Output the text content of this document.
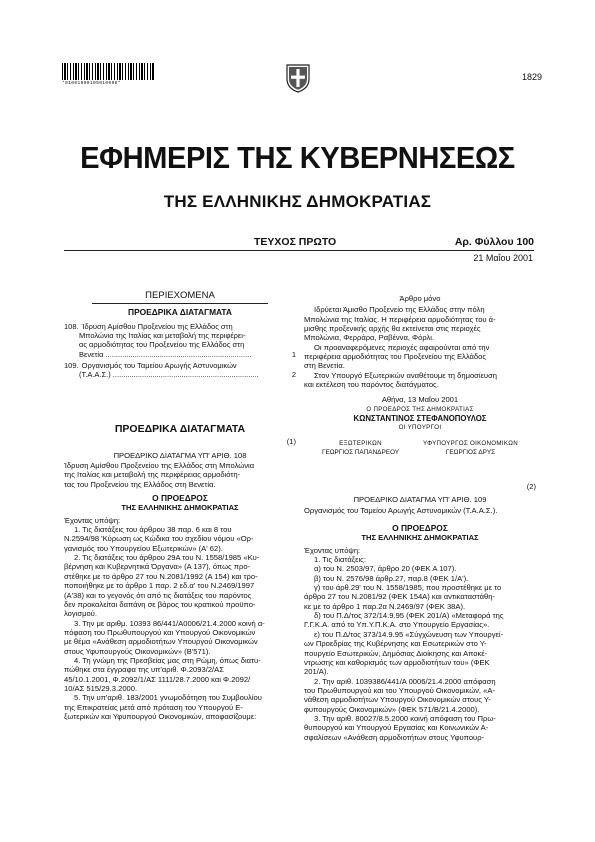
*01001000105010008*
1829
ΕΦΗΜΕΡΙΣ ΤΗΣ ΚΥΒΕΡΝΗΣΕΩΣ
ΤΗΣ ΕΛΛΗΝΙΚΗΣ ΔΗΜΟΚΡΑΤΙΑΣ
ΤΕΥΧΟΣ ΠΡΩΤΟ	Αρ. Φύλλου 100
21 Μαΐου 2001
ΠΕΡΙΕΧΟΜΕΝΑ
ΠΡΟΕΔΡΙΚΑ ΔΙΑΤΑΓΜΑΤΑ
108. Ίδρυση Αμίσθου Προξενείου της Ελλάδος στη
Μπολώνια της Ιταλίας και μεταβολή της περιφέρει-
ας αρμοδιότητας του Προξενείου της Ελλάδος στη
Βενετία ......................................................................	1
109. Οργανισμός του Ταμείου Αρωγής Αστυνομικών
(Τ.Α.Α.Σ.) ......................................................................	2
ΠΡΟΕΔΡΙΚΑ ΔΙΑΤΑΓΜΑΤΑ
(1)
ΠΡΟΕΔΡΙΚΟ ΔΙΑΤΑΓΜΑ ΥΠ' ΑΡΙΘ. 108

Ίδρυση Αμίσθου Προξενείου της Ελλάδος στη Μπολώνια

της Ιταλίας και μεταβολή της περιφέρειας αρμοδιότη-

τας του Προξενείου της Ελλάδος στη Βενετία.

Ο ΠΡΟΕΔΡΟΣ
ΤΗΣ ΕΛΛΗΝΙΚΗΣ ΔΗΜΟΚΡΑΤΙΑΣ
Έχοντας υπόψη:

1. Τις διατάξεις του άρθρου 38 παρ. 6 και 8 του

Ν.2594/98 'Κύρωση ως Κώδικα του σχεδίου νόμου «Ορ-

γανισμός του Υπουργείου Εξωτερικών» (Α' 62).

2. Τις διατάξεις του άρθρου 29Α του Ν. 1558/1985 «Κυ-

βέρνηση και Κυβερνητικά Όργανα» (Α 137), όπως προ-

στέθηκε με το άρθρο 27 του Ν.2081/1992 (Α 154) και τρο-

ποποιήθηκε με το άρθρο 1 παρ. 2 εδ.α' του Ν.2469/1997

(Α'38) και το γεγονός ότι από τις διατάξεις του παρόντος

δεν προκαλείται δαπάνη σε βάρος του κρατικού προϋπο-

λογισμού.

3. Την με αριθμ. 10393 86/441/Α0006/21.4.2000 κοινή α-

πόφαση του Πρωθυπουργού και Υπουργού Οικονομικών

με θέμα «Ανάθεση αρμοδιοτήτων Υπουργού Οικονομικών

στους Υφυπουργούς Οικονομικών» (Β'571).

4. Τη γνώμη της Πρεσβείας μας στη Ρώμη, όπως διατυ-

πώθηκε στα έγγραφα της υπ'αριθ. Φ.2093/2/ΑΣ

45/10.1.2001, Φ.2092/1/ΑΣ 1111/28.7.2000 και Φ.2092/

10/ΑΣ 515/29.3.2000.

5. Την υπ'αριθ. 183/2001 γνωμοδότηση του Συμβουλίου

της Επικρατείας μετά από πρόταση του Υπουργού Ε-

ξωτερικών και Υφυπουργού Οικονομικών, αποφασίζουμε:

Άρθρο μόνο

Ιδρύεται Άμισθο Προξενείο της Ελλάδος στην πόλη

Μπολώνια της Ιταλίας. Η περιφέρεια αρμοδιότητας του ά-

μισθης προξενικής αρχής θα εκτείνεται στις περιοχές

Μπολώνια, Φερράρα, Ραβέννα, Φόρλι.

Οι προαναφερόμενες περιοχές αφαιρούνται από την

περιφέρεια αρμοδιότητας του Προξενείου της Ελλάδος

στη Βενετία.

Στον Υπουργό Εξωτερικών αναθέτουμε τη δημοσίευση

και εκτέλεση του παρόντος διατάγματος.

Αθήνα, 13 Μαΐου 2001
Ο ΠΡΟΕΔΡΟΣ ΤΗΣ ΔΗΜΟΚΡΑΤΙΑΣ
ΚΩΝΣΤΑΝΤΙΝΟΣ ΣΤΕΦΑΝΟΠΟΥΛΟΣ
ΟΙ ΥΠΟΥΡΓΟΙ
ΕΞΩΤΕΡΙΚΩΝ
ΓΕΩΡΓΙΟΣ ΠΑΠΑΝΔΡΕΟΥ
ΥΦΥΠΟΥΡΓΟΣ ΟΙΚΟΝΟΜΙΚΩΝ
ΓΕΩΡΓΙΟΣ ΔΡΥΣ
(2)
ΠΡΟΕΔΡΙΚΟ ΔΙΑΤΑΓΜΑ ΥΠ' ΑΡΙΘ. 109
Οργανισμός του Ταμείου Αρωγής Αστυνομικών (Τ.Α.Α.Σ.).
Ο ΠΡΟΕΔΡΟΣ
ΤΗΣ ΕΛΛΗΝΙΚΗΣ ΔΗΜΟΚΡΑΤΙΑΣ
Έχοντας υπόψη:

1. Τις διατάξεις:

α) του Ν. 2503/97, άρθρο 20 (ΦΕΚ Α 107).

β) του Ν. 2576/98 άρθρ.27, παρ.8 (ΦΕΚ 1/Α').

γ) του άρθ.29' του Ν. 1558/1985, που προστέθηκε με το

άρθρο 27 του Ν.2081/92 (ΦΕΚ 154Α) και αντικαταστάθη-

κε με το άρθρο 1 παρ.2α Ν.2469/97 (ΦΕΚ 38Α).

δ) του Π.Δ/τος 372/14.9.95 (ΦΕΚ 201/Α) «Μεταφορά της

Γ.Γ.Κ.Α. από το Υπ.Υ.Π.Κ.Α. στο Υπουργείο Εργασίας».

ε) του Π.Δ/τος 373/14.9.95 «Σύγχώνευση των Υπουργεί-

ων Προεδρίας της Κυβέρνησης και Εσωτερικών στο Υ-

πουργείο Εσωτερικών, Δημόσιας Διοίκησης και Αποκέ-

ντρωσης και καθορισμός των αρμοδιοτήτων του» (ΦΕΚ

201/Α).

2. Την αριθ. 1039386/441/Α 0006/21.4.2000 απόφαση

του Πρωθυπουργού και του Υπουργού Οικονομικών, «Α-

νάθεση αρμοδιοτήτων Υπουργού Οικονομικών στους Υ-

φυπουργούς Οικονομικών» (ΦΕΚ 571/Β/21.4.2000).

3. Την αριθ. 80027/8.5.2000 κοινή απόφαση του Πρω-

θυπουργού και Υπουργού Εργασίας και Κοινωνικών Α-

σφαλίσεων «Ανάθεση αρμοδιοτήτων στους Υφυπουρ-
